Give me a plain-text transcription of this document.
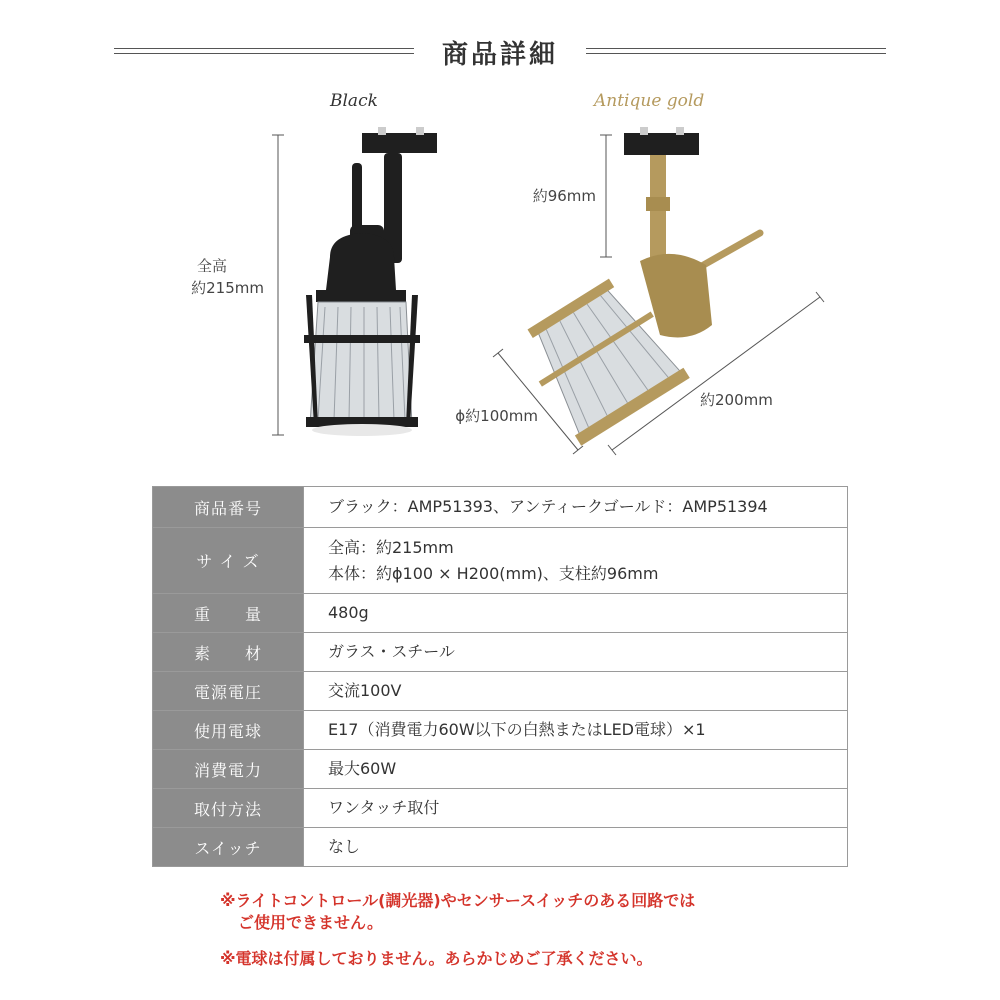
商品詳細
Black	Antique gold
全高
約215mm
約96mm
ϕ約100mm
約200mm
商品番号	ブラック：AMP51393、アンティークゴールド：AMP51394

サ イ ズ	全高：約215mm
本体：約ϕ100 × H200(mm)、支柱約96mm

重　　量	480g

素　　材	ガラス・スチール

電源電圧	交流100V

使用電球	E17（消費電力60W以下の白熱またはLED電球）×1

消費電力	最大60W

取付方法	ワンタッチ取付

スイッチ	なし
※ライトコントロール(調光器)やセンサースイッチのある回路では
ご使用できません。
※電球は付属しておりません。あらかじめご了承ください。
